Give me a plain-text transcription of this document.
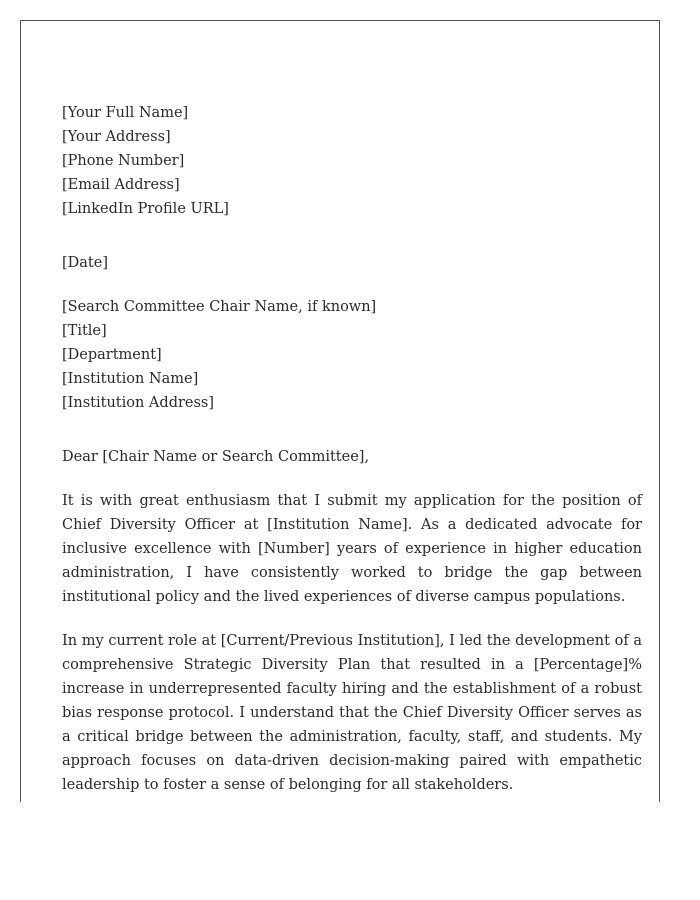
[Your Full Name]
[Your Address]
[Phone Number]
[Email Address]
[LinkedIn Profile URL]
[Date]
[Search Committee Chair Name, if known]
[Title]
[Department]
[Institution Name]
[Institution Address]
Dear [Chair Name or Search Committee],

It is with great enthusiasm that I submit my application for the position of Chief Diversity Officer at [Institution Name]. As a dedicated advocate for inclusive excellence with [Number] years of experience in higher education administration, I have consistently worked to bridge the gap between institutional policy and the lived experiences of diverse campus populations.

In my current role at [Current/Previous Institution], I led the development of a comprehensive Strategic Diversity Plan that resulted in a [Percentage]% increase in underrepresented faculty hiring and the establishment of a robust bias response protocol. I understand that the Chief Diversity Officer serves as a critical bridge between the administration, faculty, staff, and students. My approach focuses on data-driven decision-making paired with empathetic leadership to foster a sense of belonging for all stakeholders.
